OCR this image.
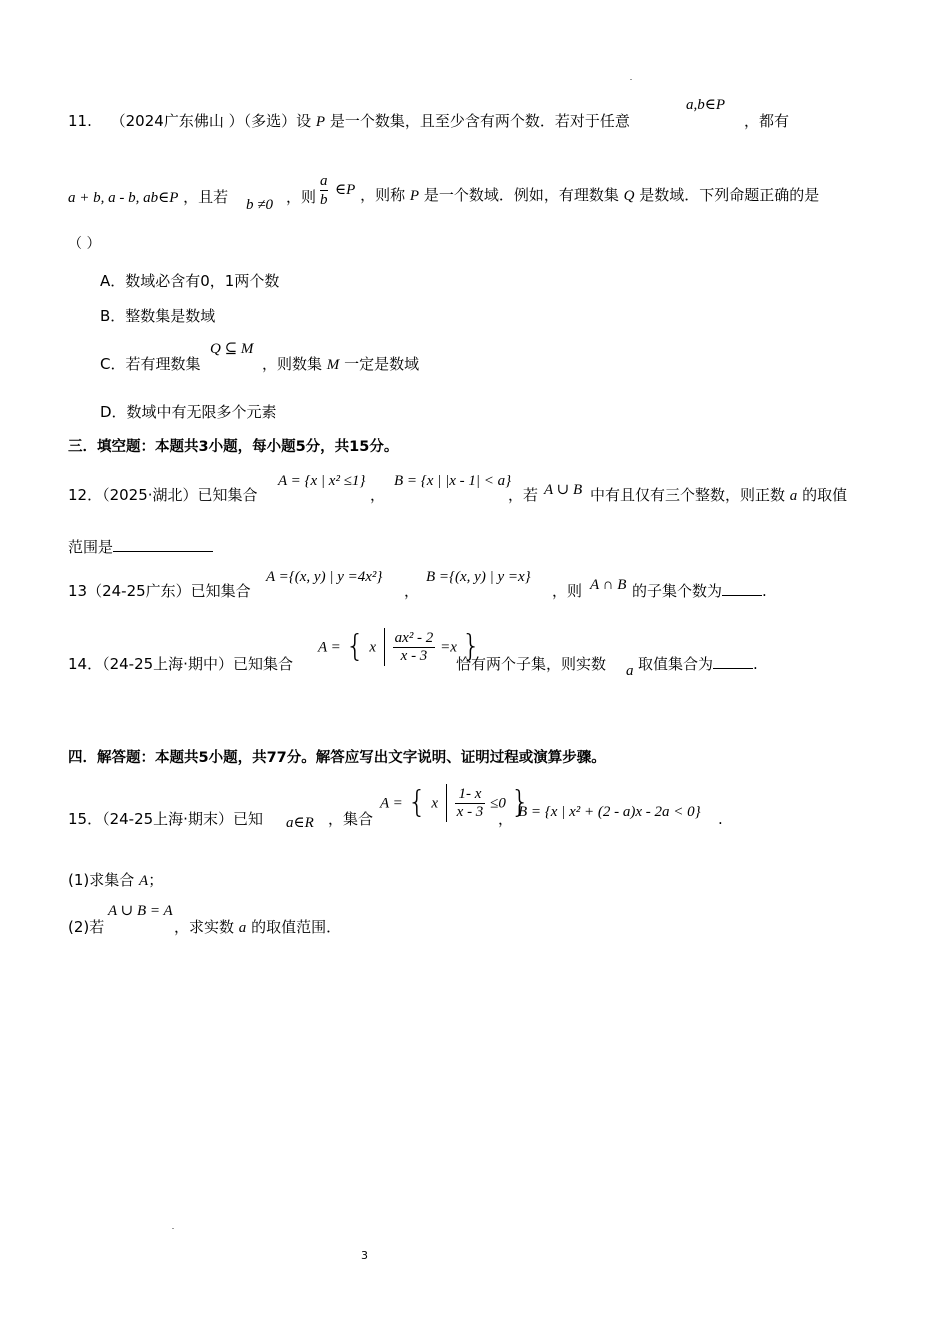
11. （2024广东佛山 ）（多选）设 P 是一个数集，且至少含有两个数．若对于任意
a,b∈P
，都有
a + b, a - b, ab∈P ，且若 b ≠0 ，则 $\frac{a}{b}$ ∈P ，则称 P 是一个数域．例如，有理数集 Q 是数域．下列命题正确的是
（ ）
A．数域必含有0，1两个数
B．整数集是数域
C．若有理数集
Q ⊆ M
，则数集 M 一定是数域
D．数域中有无限多个元素
三．填空题：本题共3小题，每小题5分，共15分。
12．（2025·湖北）已知集合
A = {x | x² ≤1}
，
B = {x | |x - 1| < a}
，若 A ∪ B 中有且仅有三个整数，则正数 a 的取值
范围是
13（24-25广东）已知集合
A ={(x, y) | y =4x²}
，
B ={(x, y) | y =x}
，则 A ∩ B 的子集个数为	.
14．（24-25上海·期中）已知集合
A = { x $\frac{\text{ax² - 2}}{x - 3} =x$ }
恰有两个子集，则实数 a 取值集合为	.
四．解答题：本题共5小题，共77分。解答应写出文字说明、证明过程或演算步骤。
15．（24-25上海·期末）已知 a∈R ，集合
A = { x $\frac{1- x}{x - 3} \le 0$ }
， B = {x | x² + (2 - a)x - 2a < 0} .
(1)求集合 A；
(2)若
A ∪ B = A
，求实数 a 的取值范围．
3
